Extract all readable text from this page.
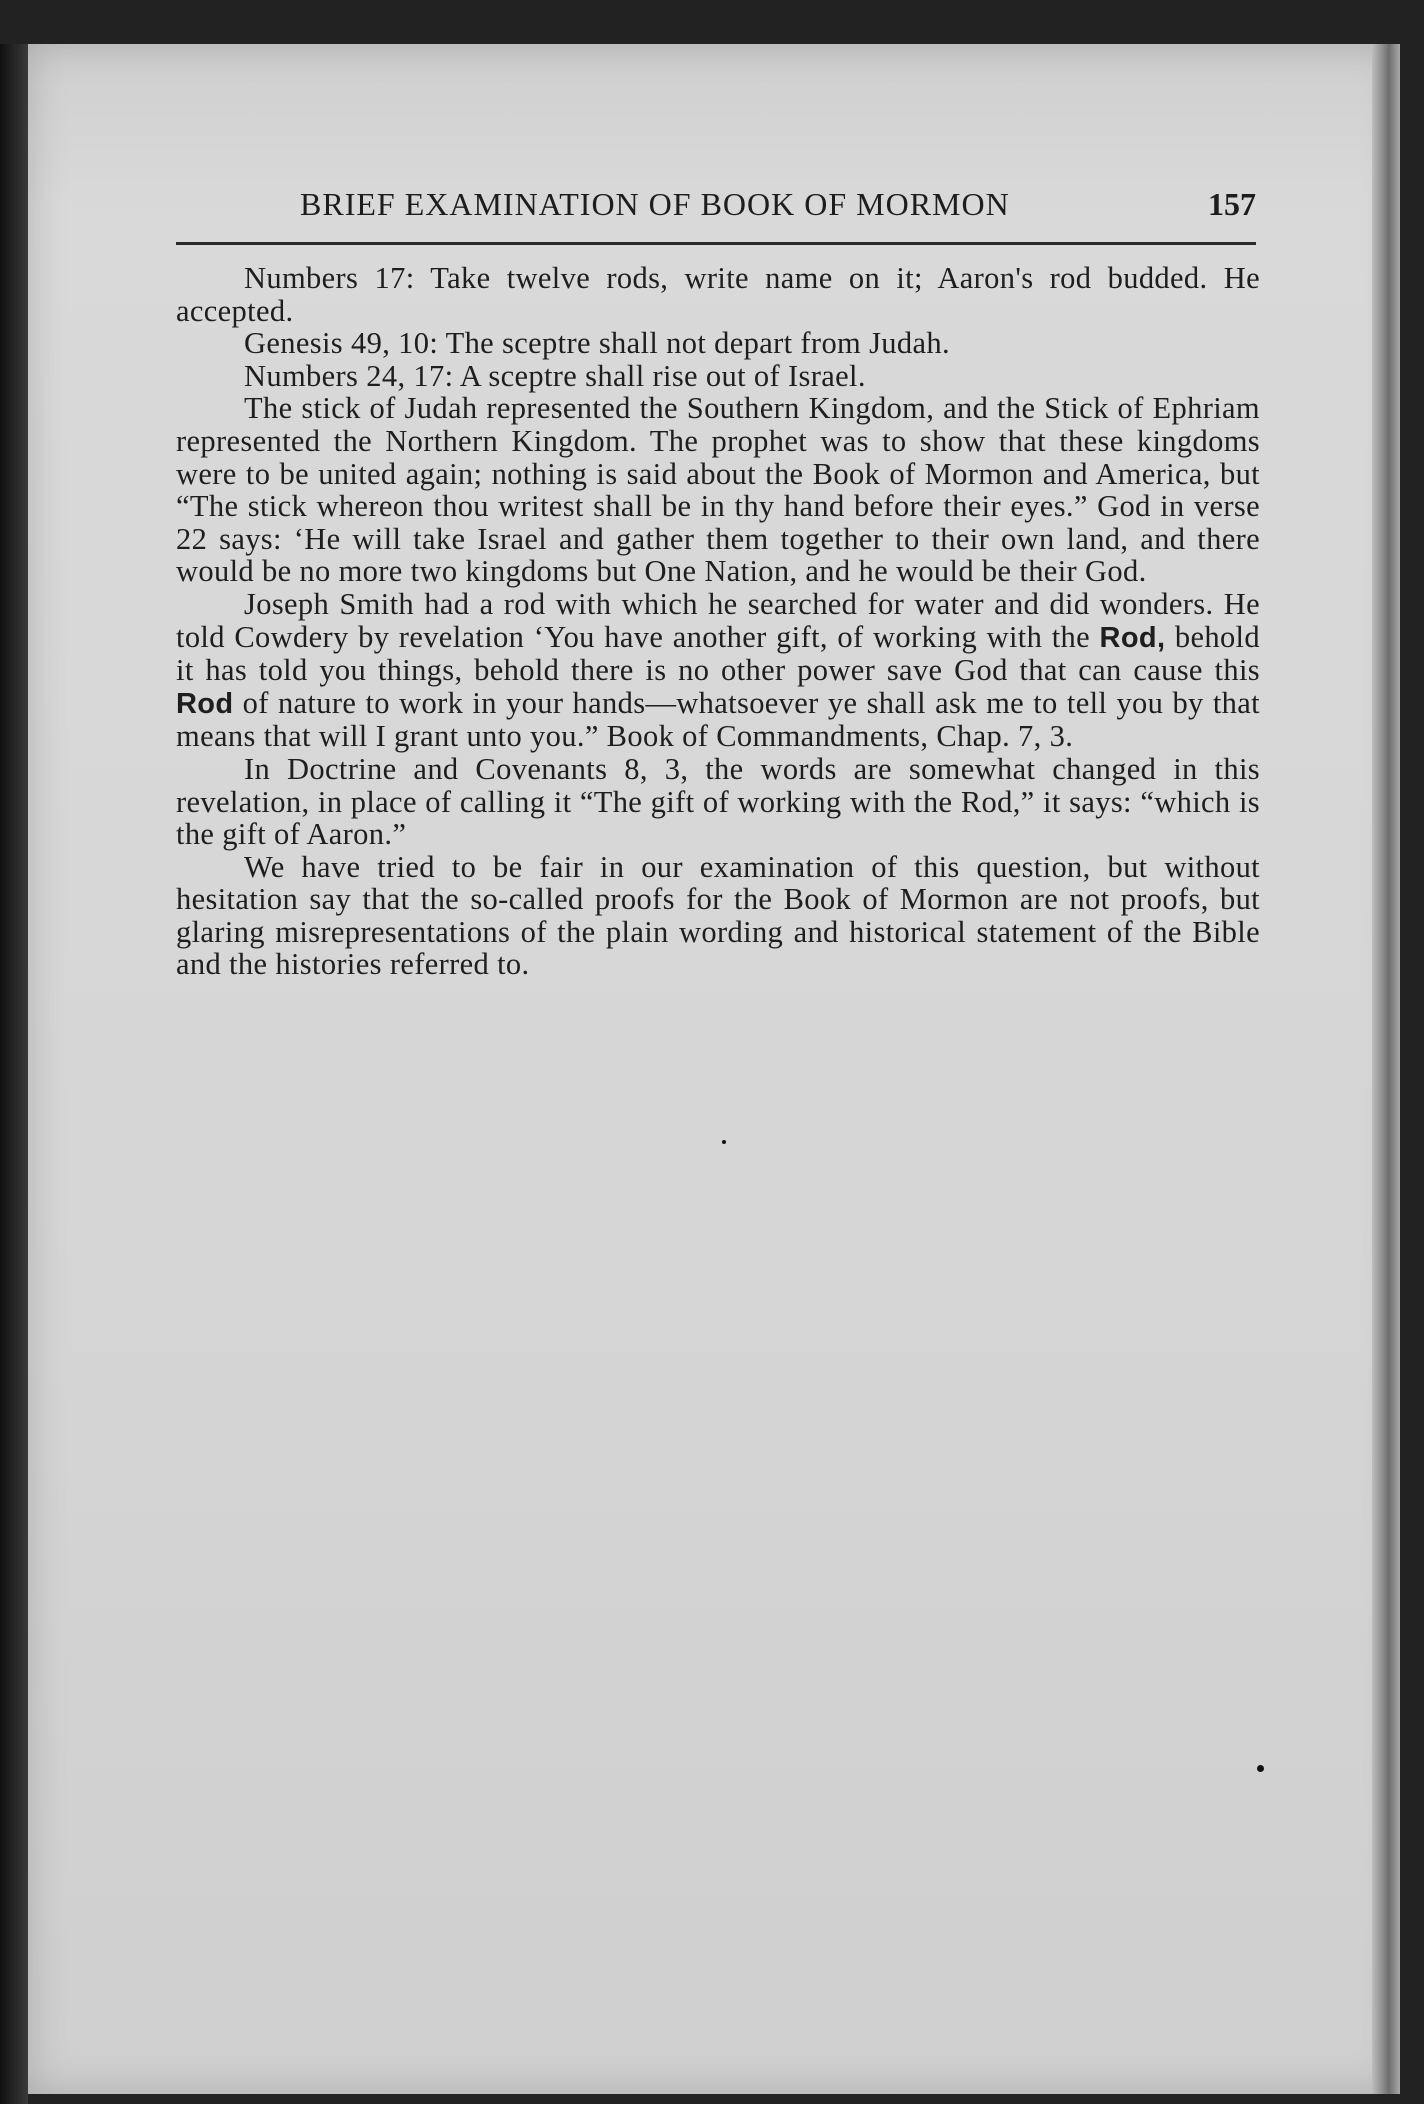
BRIEF EXAMINATION OF BOOK OF MORMON	157

Numbers 17: Take twelve rods, write name on it; Aaron's rod budded. He accepted.

Genesis 49, 10: The sceptre shall not depart from Judah.

Numbers 24, 17: A sceptre shall rise out of Israel.

The stick of Judah represented the Southern Kingdom, and the Stick of Ephriam represented the Northern Kingdom. The prophet was to show that these kingdoms were to be united again; nothing is said about the Book of Mormon and America, but “The stick whereon thou writest shall be in thy hand before their eyes.” God in verse 22 says: ‘He will take Israel and gather them together to their own land, and there would be no more two kingdoms but One Nation, and he would be their God.

Joseph Smith had a rod with which he searched for water and did wonders. He told Cowdery by revelation ‘You have another gift, of working with the Rod, behold it has told you things, behold there is no other power save God that can cause this Rod of nature to work in your hands—whatsoever ye shall ask me to tell you by that means that will I grant unto you.” Book of Commandments, Chap. 7, 3.

In Doctrine and Covenants 8, 3, the words are somewhat changed in this revelation, in place of calling it “The gift of working with the Rod,” it says: “which is the gift of Aaron.”

We have tried to be fair in our examination of this question, but without hesitation say that the so-called proofs for the Book of Mormon are not proofs, but glaring misrepresentations of the plain wording and historical statement of the Bible and the histories referred to.
